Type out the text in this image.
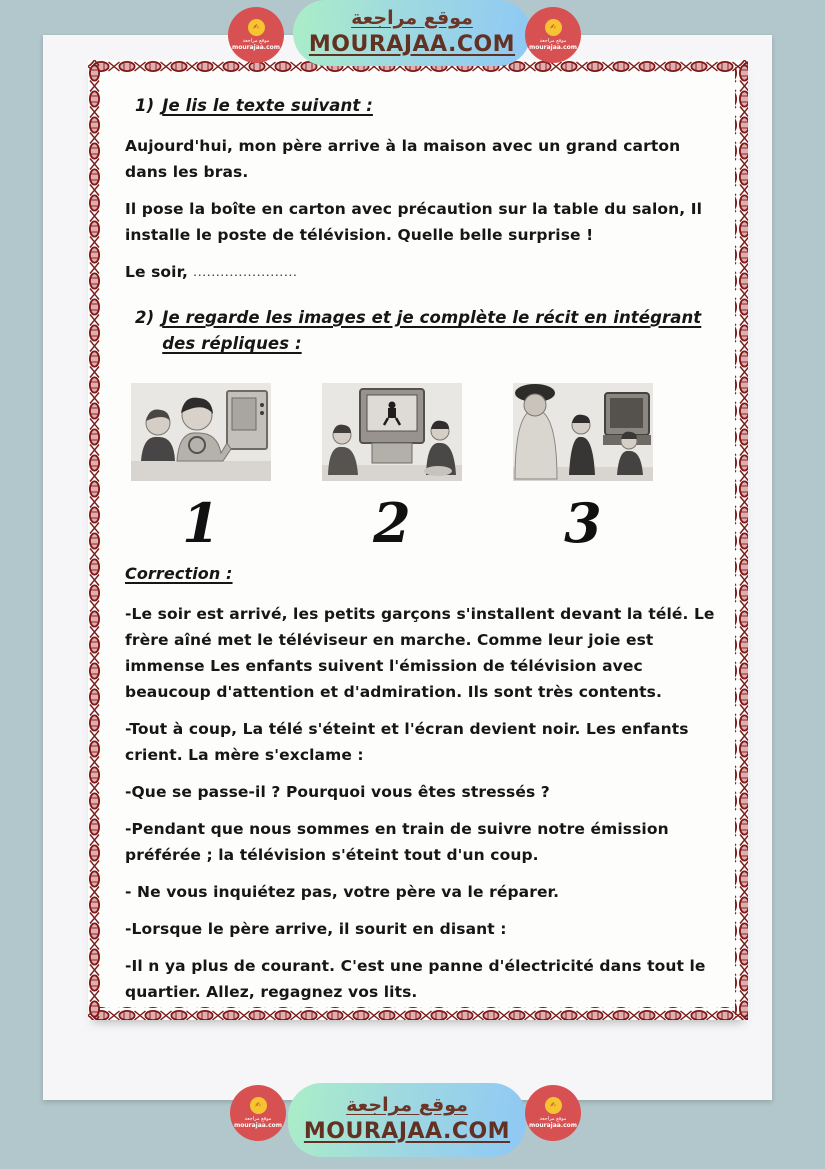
✍
موقع مراجعة
mourajaa.com
موقع مراجعة
MOURAJAA.COM
✍
موقع مراجعة
mourajaa.com
1) Je lis le texte suivant :

Aujourd'hui, mon père arrive à la maison avec un grand carton dans les bras.

Il pose la boîte en carton avec précaution sur la table du salon, Il installe le poste de télévision. Quelle belle surprise !

Le soir, .......................

2) Je regarde les images et je complète le récit en intégrant des répliques :
1	2	3
Correction :

-Le soir est arrivé, les petits garçons s'installent devant la télé. Le frère aîné met le téléviseur en marche. Comme leur joie est immense Les enfants suivent l'émission de télévision avec beaucoup d'attention et d'admiration. Ils sont très contents.

-Tout à coup, La télé s'éteint et l'écran devient noir. Les enfants crient. La mère s'exclame :

-Que se passe-il ? Pourquoi vous êtes stressés ?

-Pendant que nous sommes en train de suivre notre émission préférée ; la télévision s'éteint tout d'un coup.

- Ne vous inquiétez pas, votre père va le réparer.

-Lorsque le père arrive, il sourit en disant :

-Il n ya plus de courant. C'est une panne d'électricité dans tout le quartier. Allez, regagnez vos lits.

✍
موقع مراجعة
mourajaa.com
موقع مراجعة
MOURAJAA.COM
✍
موقع مراجعة
mourajaa.com
